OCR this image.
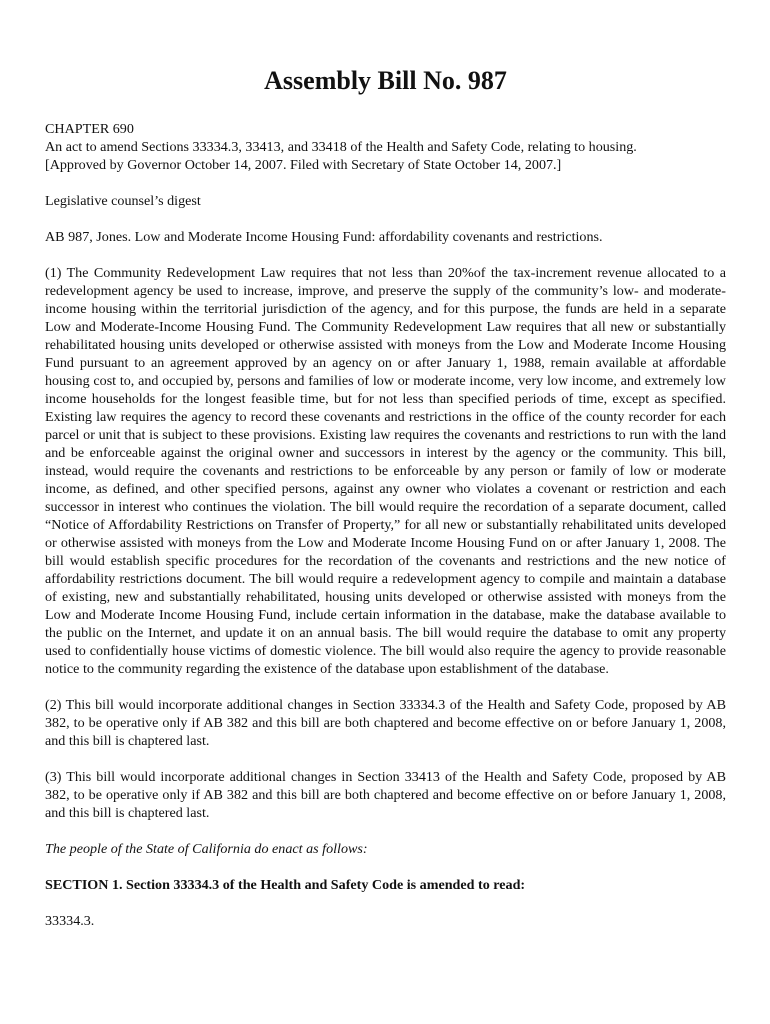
Assembly Bill No. 987

CHAPTER 690

An act to amend Sections 33334.3, 33413, and 33418 of the Health and Safety Code, relating to housing.

[Approved by Governor October 14, 2007. Filed with Secretary of State October 14, 2007.]

Legislative counsel’s digest

AB 987, Jones. Low and Moderate Income Housing Fund: affordability covenants and restrictions.

(1) The Community Redevelopment Law requires that not less than 20%of the tax-increment revenue allocated to a redevelopment agency be used to increase, improve, and preserve the supply of the community’s low- and moderate-income housing within the territorial jurisdiction of the agency, and for this purpose, the funds are held in a separate Low and Moderate-Income Housing Fund. The Community Redevelopment Law requires that all new or substantially rehabilitated housing units developed or otherwise assisted with moneys from the Low and Moderate Income Housing Fund pursuant to an agreement approved by an agency on or after January 1, 1988, remain available at affordable housing cost to, and occupied by, persons and families of low or moderate income, very low income, and extremely low income households for the longest feasible time, but for not less than specified periods of time, except as specified. Existing law requires the agency to record these covenants and restrictions in the office of the county recorder for each parcel or unit that is subject to these provisions. Existing law requires the covenants and restrictions to run with the land and be enforceable against the original owner and successors in interest by the agency or the community. This bill, instead, would require the covenants and restrictions to be enforceable by any person or family of low or moderate income, as defined, and other specified persons, against any owner who violates a covenant or restriction and each successor in interest who continues the violation. The bill would require the recordation of a separate document, called “Notice of Affordability Restrictions on Transfer of Property,” for all new or substantially rehabilitated units developed or otherwise assisted with moneys from the Low and Moderate Income Housing Fund on or after January 1, 2008. The bill would establish specific procedures for the recordation of the covenants and restrictions and the new notice of affordability restrictions document. The bill would require a redevelopment agency to compile and maintain a database of existing, new and substantially rehabilitated, housing units developed or otherwise assisted with moneys from the Low and Moderate Income Housing Fund, include certain information in the database, make the database available to the public on the Internet, and update it on an annual basis. The bill would require the database to omit any property used to confidentially house victims of domestic violence. The bill would also require the agency to provide reasonable notice to the community regarding the existence of the database upon establishment of the database.

(2) This bill would incorporate additional changes in Section 33334.3 of the Health and Safety Code, proposed by AB 382, to be operative only if AB 382 and this bill are both chaptered and become effective on or before January 1, 2008, and this bill is chaptered last.

(3) This bill would incorporate additional changes in Section 33413 of the Health and Safety Code, proposed by AB 382, to be operative only if AB 382 and this bill are both chaptered and become effective on or before January 1, 2008, and this bill is chaptered last.

The people of the State of California do enact as follows:

SECTION 1. Section 33334.3 of the Health and Safety Code is amended to read:

33334.3.
